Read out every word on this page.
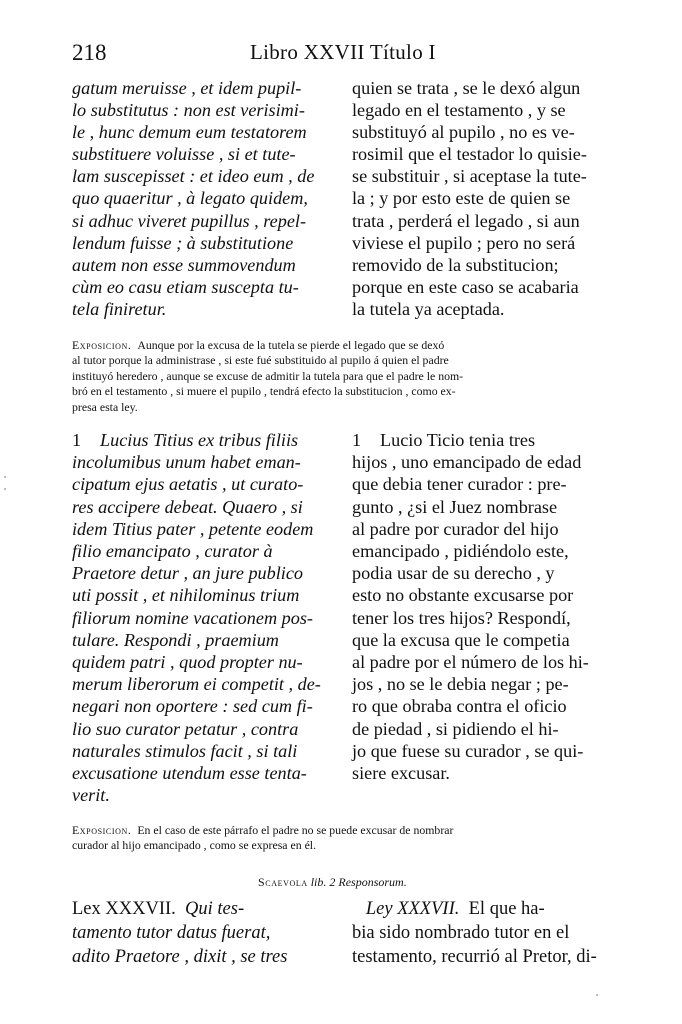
218	Libro XXVII Título I
gatum meruisse , et idem pupil-
lo substitutus : non est verisimi-
le , hunc demum eum testatorem
substituere voluisse , si et tute-
lam suscepisset : et ideo eum , de
quo quaeritur , à legato quidem,
si adhuc viveret pupillus , repel-
lendum fuisse ; à substitutione
autem non esse summovendum
cùm eo casu etiam suscepta tu-
tela finiretur.
quien se trata , se le dexó algun
legado en el testamento , y se
substituyó al pupilo , no es ve-
rosimil que el testador lo quisie-
se substituir , si aceptase la tute-
la ; y por esto este de quien se
trata , perderá el legado , si aun
viviese el pupilo ; pero no será
removido de la substitucion;
porque en este caso se acabaria
la tutela ya aceptada.
Exposicion. Aunque por la excusa de la tutela se pierde el legado que se dexó
al tutor porque la administrase , si este fué substituido al pupilo á quien el padre
instituyó heredero , aunque se excuse de admitir la tutela para que el padre le nom-
bró en el testamento , si muere el pupilo , tendrá efecto la substitucion , como ex-
presa esta ley.
1 Lucius Titius ex tribus filiis
incolumibus unum habet eman-
cipatum ejus aetatis , ut curato-
res accipere debeat. Quaero , si
idem Titius pater , petente eodem
filio emancipato , curator à
Praetore detur , an jure publico
uti possit , et nihilominus trium
filiorum nomine vacationem pos-
tulare. Respondi , praemium
quidem patri , quod propter nu-
merum liberorum ei competit , de-
negari non oportere : sed cum fi-
lio suo curator petatur , contra
naturales stimulos facit , si tali
excusatione utendum esse tenta-
verit.
1 Lucio Ticio tenia tres
hijos , uno emancipado de edad
que debia tener curador : pre-
gunto , ¿si el Juez nombrase
al padre por curador del hijo
emancipado , pidiéndolo este,
podia usar de su derecho , y
esto no obstante excusarse por
tener los tres hijos? Respondí,
que la excusa que le competia
al padre por el número de los hi-
jos , no se le debia negar ; pe-
ro que obraba contra el oficio
de piedad , si pidiendo el hi-
jo que fuese su curador , se qui-
siere excusar.
Exposicion. En el caso de este párrafo el padre no se puede excusar de nombrar
curador al hijo emancipado , como se expresa en él.
Scaevola lib. 2 Responsorum.
Lex XXXVII. Qui tes-
tamento tutor datus fuerat,
adito Praetore , dixit , se tres
Ley XXXVII. El que ha-
bia sido nombrado tutor en el
testamento, recurrió al Pretor, di-
